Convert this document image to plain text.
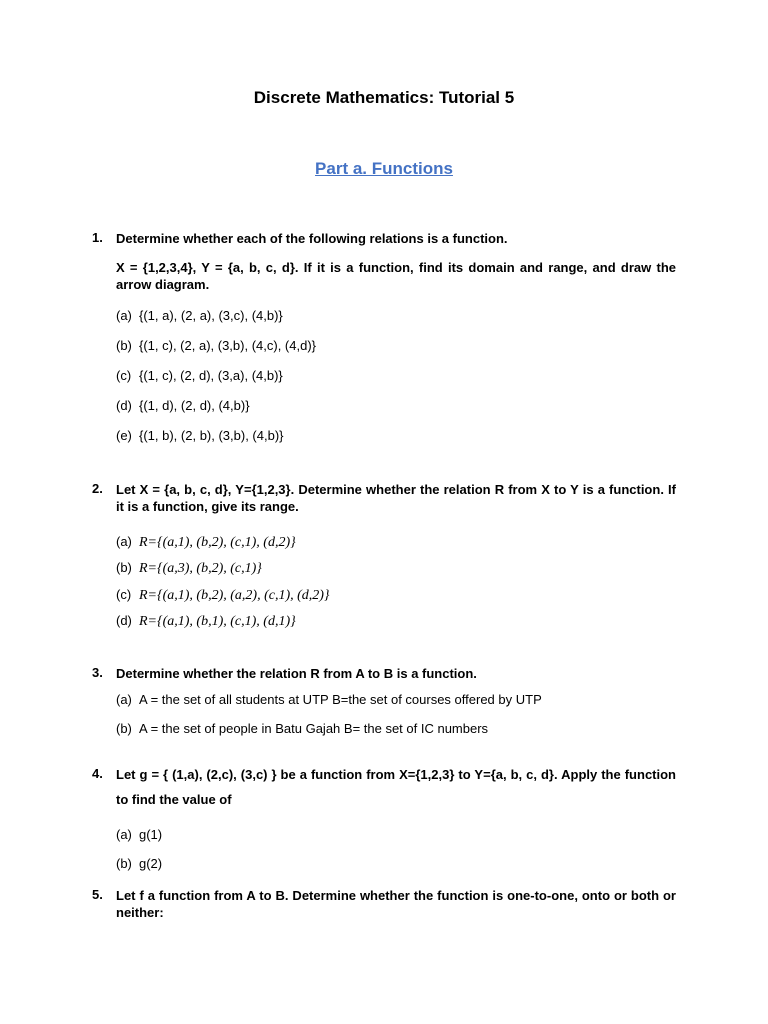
Discrete Mathematics: Tutorial 5
Part a. Functions
1. Determine whether each of the following relations is a function.
X = {1,2,3,4}, Y = {a, b, c, d}. If it is a function, find its domain and range, and draw the arrow diagram.
(a) {(1, a), (2, a), (3,c), (4,b)}
(b) {(1, c), (2, a), (3,b), (4,c), (4,d)}
(c) {(1, c), (2, d), (3,a), (4,b)}
(d) {(1, d), (2, d), (4,b)}
(e) {(1, b), (2, b), (3,b), (4,b)}
2. Let X = {a, b, c, d}, Y={1,2,3}. Determine whether the relation R from X to Y is a function. If it is a function, give its range.
(a) R={(a,1), (b,2), (c,1), (d,2)}
(b) R={(a,3), (b,2), (c,1)}
(c) R={(a,1), (b,2), (a,2), (c,1), (d,2)}
(d) R={(a,1), (b,1), (c,1), (d,1)}
3. Determine whether the relation R from A to B is a function.
(a) A = the set of all students at UTP B=the set of courses offered by UTP
(b) A = the set of people in Batu Gajah B= the set of IC numbers
4. Let g = { (1,a), (2,c), (3,c) } be a function from X={1,2,3} to Y={a, b, c, d}. Apply the function to find the value of
(a) g(1)
(b) g(2)
5. Let f a function from A to B. Determine whether the function is one-to-one, onto or both or neither:
